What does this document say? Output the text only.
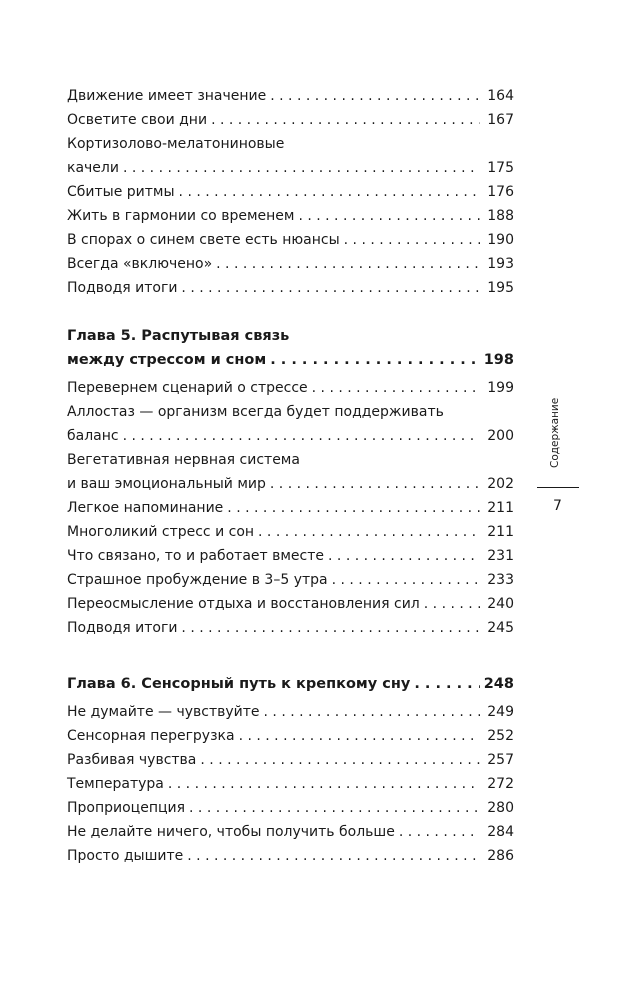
Движение имеет значение . . .	164
Осветите свои дни . . .	167
Кортизолово-мелатониновые
качели . . .	175
Сбитые ритмы . . .	176
Жить в гармонии со временем . . .	188
В спорах о синем свете есть нюансы . . .	190
Всегда «включено» . . .	193
Подводя итоги . . .	195
Глава 5. Распутывая связь
между стрессом и сном . . .	198
Перевернем сценарий о стрессе . . .	199
Аллостаз — организм всегда будет поддерживать
баланс . . .	200
Вегетативная нервная система
и ваш эмоциональный мир . . .	202
Легкое напоминание . . .	211
Многоликий стресс и сон . . .	211
Что связано, то и работает вместе . . .	231
Страшное пробуждение в 3–5 утра . . .	233
Переосмысление отдыха и восстановления сил . . .	240
Подводя итоги . . .	245
Глава 6. Сенсорный путь к крепкому сну . . .	248
Не думайте — чувствуйте . . .	249
Сенсорная перегрузка . . .	252
Разбивая чувства . . .	257
Температура . . .	272
Проприоцепция . . .	280
Не делайте ничего, чтобы получить больше . . .	284
Просто дышите . . .	286
Содержание
7
